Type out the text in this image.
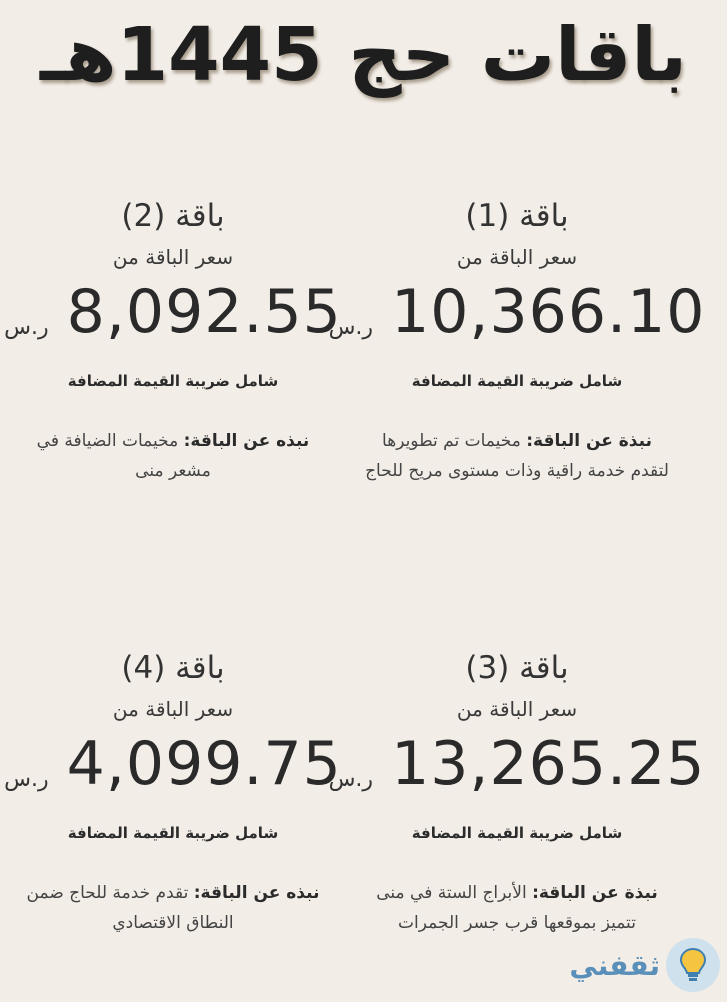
باقات حج 1445هـ
باقة (1)
سعر الباقة من
ر.س 10,366.10
شامل ضريبة القيمة المضافة
نبذة عن الباقة: مخيمات تم تطويرها لتقدم خدمة راقية وذات مستوى مريح للحاج
باقة (2)
سعر الباقة من
ر.س 8,092.55
شامل ضريبة القيمة المضافة
نبذه عن الباقة: مخيمات الضيافة في مشعر منى
باقة (3)
سعر الباقة من
ر.س 13,265.25
شامل ضريبة القيمة المضافة
نبذة عن الباقة: الأبراج الستة في منى تتميز بموقعها قرب جسر الجمرات
باقة (4)
سعر الباقة من
ر.س 4,099.75
شامل ضريبة القيمة المضافة
نبذه عن الباقة: تقدم خدمة للحاج ضمن النطاق الاقتصادي
ثقفني
